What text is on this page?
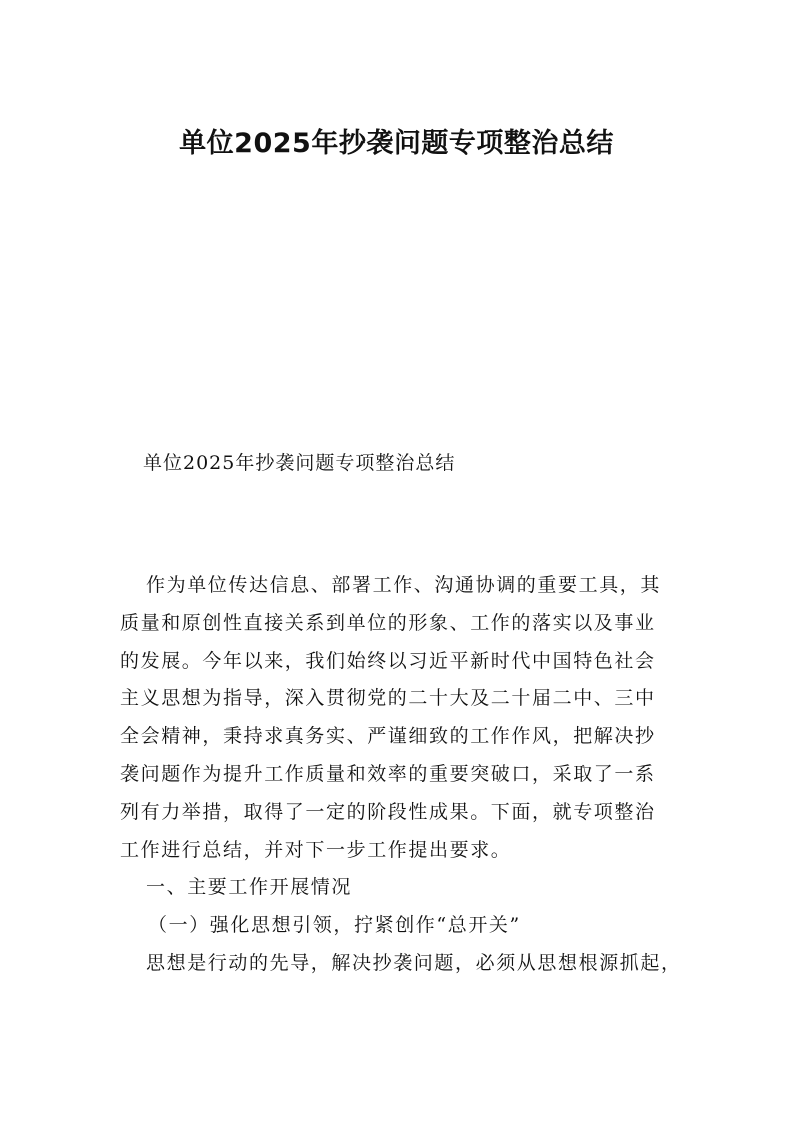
单位2025年抄袭问题专项整治总结

单位2025年抄袭问题专项整治总结

作为单位传达信息、部署工作、沟通协调的重要工具，其
质量和原创性直接关系到单位的形象、工作的落实以及事业
的发展。今年以来，我们始终以习近平新时代中国特色社会
主义思想为指导，深入贯彻党的二十大及二十届二中、三中
全会精神，秉持求真务实、严谨细致的工作作风，把解决抄
袭问题作为提升工作质量和效率的重要突破口，采取了一系
列有力举措，取得了一定的阶段性成果。下面，就专项整治
工作进行总结，并对下一步工作提出要求。
一、主要工作开展情况
（一）强化思想引领，拧紧创作“总开关”
思想是行动的先导，解决抄袭问题，必须从思想根源抓起，
